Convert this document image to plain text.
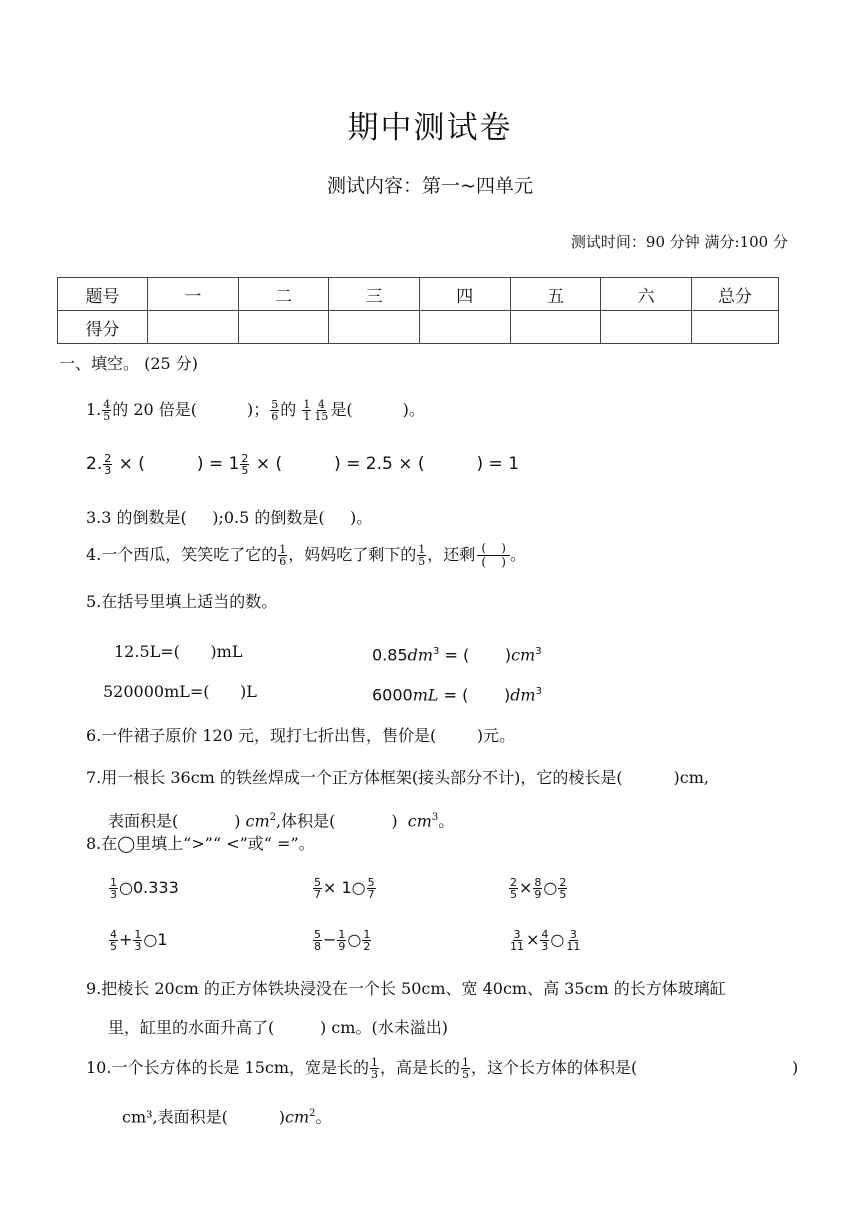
期中测试卷
测试内容：第一~四单元
测试时间：90 分钟 满分:100 分
题号	一	二	三	四	五	六	总分
得分							
一、填空。 (25 分)
1. $\frac{4}{5}$ 的 20 倍是(	)； $\frac{5}{6}$ 的 $\frac{1}{1} \frac{4}{15}$ 是(	)。
2. $\frac{2}{3}$ × (	) = $1 \frac{2}{5}$ × (	) = 2.5 × (	) = 1
3.3 的倒数是(     );0.5 的倒数是(     )。
4.一个西瓜，笑笑吃了它的 $\frac{1}{6}$ ，妈妈吃了剩下的 $\frac{1}{5}$ ，还剩 (    )
(    ) 。
5.在括号里填上适当的数。
12.5L=(      )mL	$0.85dm^3$ = (       )$cm^3$
520000mL=(      )L	6000mL = (       )$dm^3$
6.一件裙子原价 120 元，现打七折出售，售价是(        )元。
7.用一根长 36cm 的铁丝焊成一个正方体框架(接头部分不计)，它的棱长是(          )cm,
表面积是(           ) $cm^2$,体积是(           )  $cm^3$。
8.在◯里填上“>”“ <”或“ =”。
$\frac{1}{3}$ ○0.333	$\frac{5}{7}$ × 1○ $\frac{5}{7}$	$\frac{2}{5} \times \frac{8}{9}$ ○ $\frac{2}{5}$
$\frac{4}{5} + \frac{1}{3}$ ○1	$\frac{5}{8} - \frac{1}{9}$ ○ $\frac{1}{2}$	$\frac{3}{11} \times \frac{4}{3}$ ○ $\frac{3}{11}$
9.把棱长 20cm 的正方体铁块浸没在一个长 50cm、宽 40cm、高 35cm 的长方体玻璃缸
里，缸里的水面升高了(         ) cm。(水未溢出)
10.一个长方体的长是 15cm，宽是长的 $\frac{1}{3}$ ，高是长的 $\frac{1}{5}$ ，这个长方体的体积是(	)
cm³,表面积是(          )$cm^2$。
